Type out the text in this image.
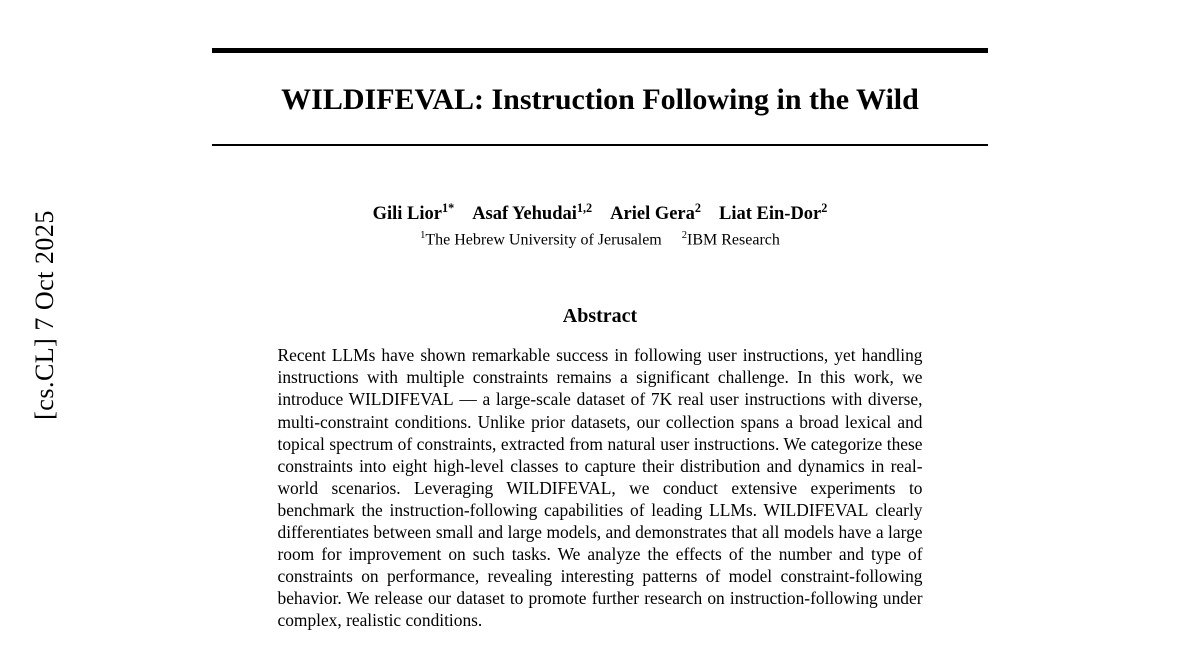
[cs.CL] 7 Oct 2025
WILDIFEVAL: Instruction Following in the Wild
Gili Lior$^{1*}$ Asaf Yehudai$^{1,2}$ Ariel Gera$^2$ Liat Ein-Dor$^2$
$^1$The Hebrew University of Jerusalem $^2$IBM Research
Abstract
Recent LLMs have shown remarkable success in following user instructions, yet handling instructions with multiple constraints remains a significant challenge. In this work, we introduce WILDIFEVAL — a large-scale dataset of 7K real user instructions with diverse, multi-constraint conditions. Unlike prior datasets, our collection spans a broad lexical and topical spectrum of constraints, extracted from natural user instructions. We categorize these constraints into eight high-level classes to capture their distribution and dynamics in real-world scenarios. Leveraging WILDIFEVAL, we conduct extensive experiments to benchmark the instruction-following capabilities of leading LLMs. WILDIFEVAL clearly differentiates between small and large models, and demonstrates that all models have a large room for improvement on such tasks. We analyze the effects of the number and type of constraints on performance, revealing interesting patterns of model constraint-following behavior. We release our dataset to promote further research on instruction-following under complex, realistic conditions.
